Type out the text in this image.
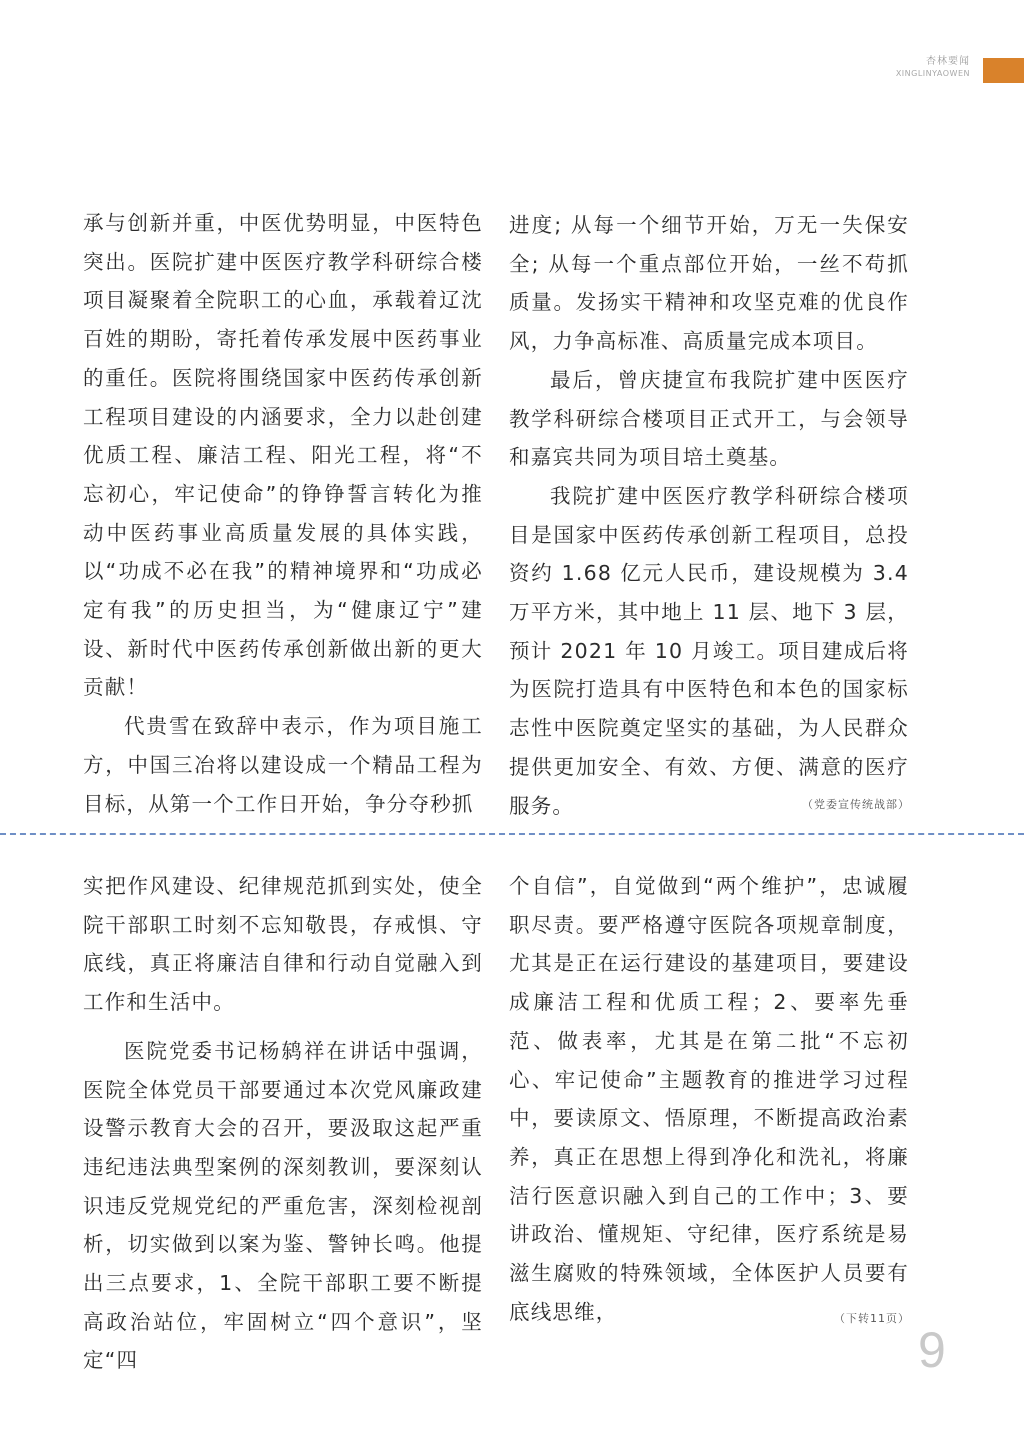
杏林要闻
XINGLINYAOWEN

承与创新并重，中医优势明显，中医特色突出。医院扩建中医医疗教学科研综合楼项目凝聚着全院职工的心血，承载着辽沈百姓的期盼，寄托着传承发展中医药事业的重任。医院将围绕国家中医药传承创新工程项目建设的内涵要求，全力以赴创建优质工程、廉洁工程、阳光工程，将“不忘初心，牢记使命”的铮铮誓言转化为推动中医药事业高质量发展的具体实践，以“功成不必在我”的精神境界和“功成必定有我”的历史担当，为“健康辽宁”建设、新时代中医药传承创新做出新的更大贡献！

代贵雪在致辞中表示，作为项目施工方，中国三冶将以建设成一个精品工程为目标，从第一个工作日开始，争分夺秒抓

进度; 从每一个细节开始，万无一失保安全; 从每一个重点部位开始，一丝不苟抓质量。发扬实干精神和攻坚克难的优良作风，力争高标准、高质量完成本项目。

最后，曾庆捷宣布我院扩建中医医疗教学科研综合楼项目正式开工，与会领导和嘉宾共同为项目培土奠基。

我院扩建中医医疗教学科研综合楼项目是国家中医药传承创新工程项目，总投资约 1.68 亿元人民币，建设规模为 3.4 万平方米，其中地上 11 层、地下 3 层，预计 2021 年 10 月竣工。项目建成后将为医院打造具有中医特色和本色的国家标志性中医院奠定坚实的基础，为人民群众提供更加安全、有效、方便、满意的医疗服务。	（党委宣传统战部）

实把作风建设、纪律规范抓到实处，使全院干部职工时刻不忘知敬畏，存戒惧、守底线，真正将廉洁自律和行动自觉融入到工作和生活中。

医院党委书记杨鸫祥在讲话中强调，医院全体党员干部要通过本次党风廉政建设警示教育大会的召开，要汲取这起严重违纪违法典型案例的深刻教训，要深刻认识违反党规党纪的严重危害，深刻检视剖析，切实做到以案为鉴、警钟长鸣。他提出三点要求，1、全院干部职工要不断提高政治站位，牢固树立“四个意识”，坚定“四

个自信”，自觉做到“两个维护”，忠诚履职尽责。要严格遵守医院各项规章制度，尤其是正在运行建设的基建项目，要建设成廉洁工程和优质工程；2、要率先垂范、做表率，尤其是在第二批“不忘初心、牢记使命”主题教育的推进学习过程中，要读原文、悟原理，不断提高政治素养，真正在思想上得到净化和洗礼，将廉洁行医意识融入到自己的工作中；3、要讲政治、懂规矩、守纪律，医疗系统是易滋生腐败的特殊领域，全体医护人员要有底线思维，	（下转11页）
9
